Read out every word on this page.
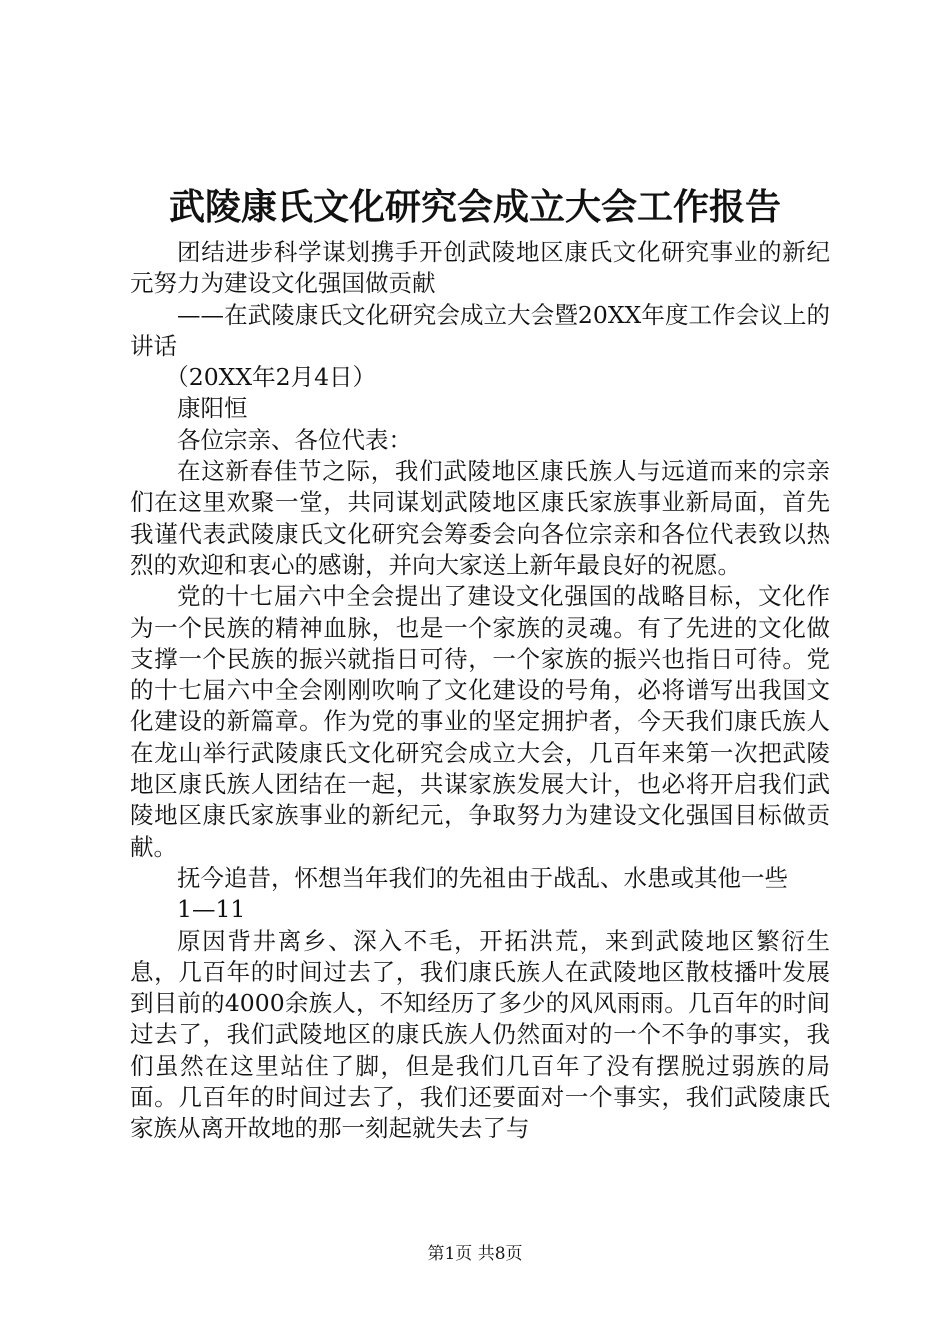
武陵康氏文化研究会成立大会工作报告

团结进步科学谋划携手开创武陵地区康氏文化研究事业的新纪元努力为建设文化强国做贡献

——在武陵康氏文化研究会成立大会暨20XX年度工作会议上的讲话

（20XX年2月4日）

康阳恒

各位宗亲、各位代表：

在这新春佳节之际，我们武陵地区康氏族人与远道而来的宗亲们在这里欢聚一堂，共同谋划武陵地区康氏家族事业新局面，首先我谨代表武陵康氏文化研究会筹委会向各位宗亲和各位代表致以热烈的欢迎和衷心的感谢，并向大家送上新年最良好的祝愿。

党的十七届六中全会提出了建设文化强国的战略目标，文化作为一个民族的精神血脉，也是一个家族的灵魂。有了先进的文化做支撑一个民族的振兴就指日可待，一个家族的振兴也指日可待。党的十七届六中全会刚刚吹响了文化建设的号角，必将谱写出我国文化建设的新篇章。作为党的事业的坚定拥护者，今天我们康氏族人在龙山举行武陵康氏文化研究会成立大会，几百年来第一次把武陵地区康氏族人团结在一起，共谋家族发展大计，也必将开启我们武陵地区康氏家族事业的新纪元，争取努力为建设文化强国目标做贡献。

抚今追昔，怀想当年我们的先祖由于战乱、水患或其他一些

1—11

原因背井离乡、深入不毛，开拓洪荒，来到武陵地区繁衍生息，几百年的时间过去了，我们康氏族人在武陵地区散枝播叶发展到目前的4000余族人，不知经历了多少的风风雨雨。几百年的时间过去了，我们武陵地区的康氏族人仍然面对的一个不争的事实，我们虽然在这里站住了脚，但是我们几百年了没有摆脱过弱族的局面。几百年的时间过去了，我们还要面对一个事实，我们武陵康氏家族从离开故地的那一刻起就失去了与

第1页 共8页
